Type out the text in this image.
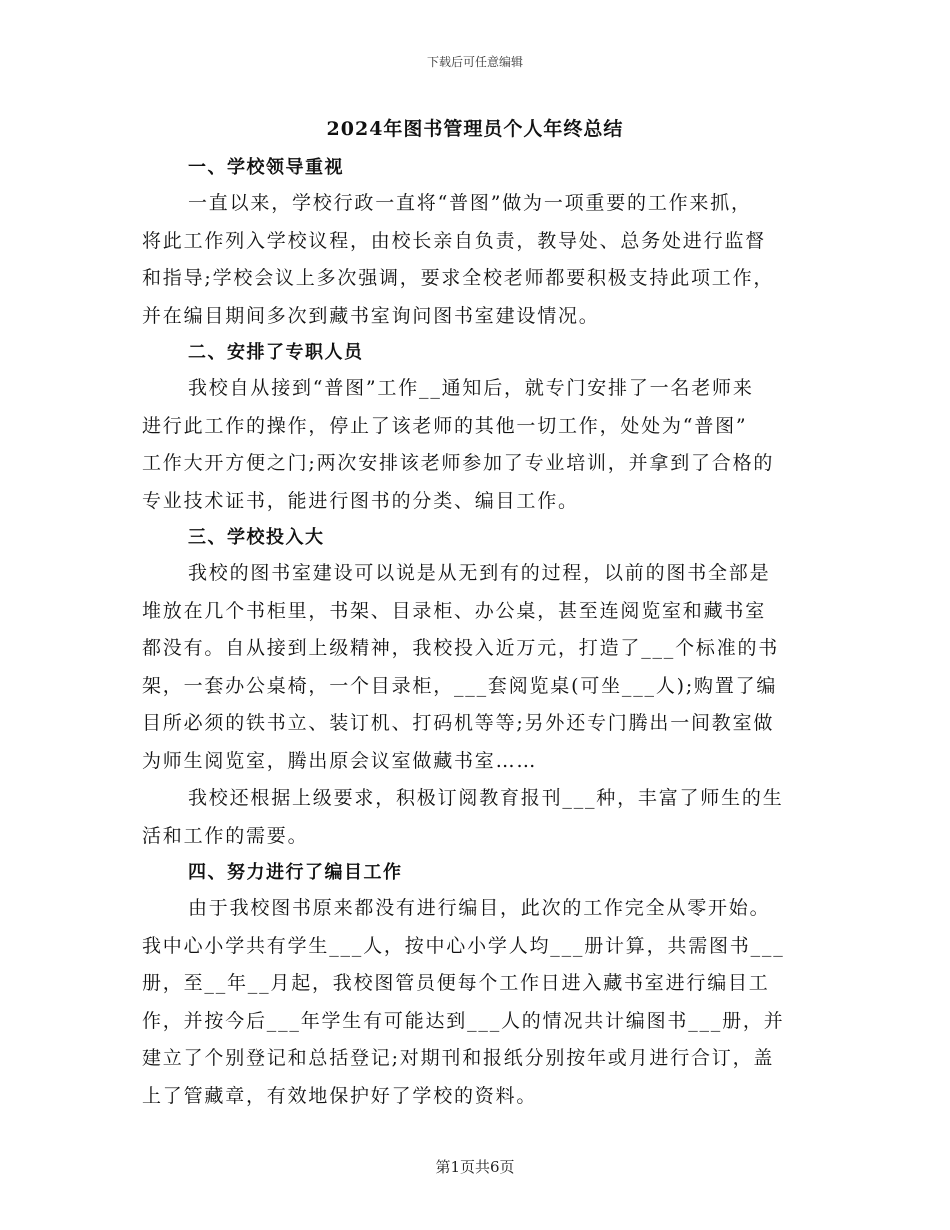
下载后可任意编辑
2024年图书管理员个人年终总结
一、学校领导重视

一直以来，学校行政一直将“普图”做为一项重要的工作来抓，
将此工作列入学校议程，由校长亲自负责，教导处、总务处进行监督
和指导;学校会议上多次强调，要求全校老师都要积极支持此项工作，
并在编目期间多次到藏书室询问图书室建设情况。

二、安排了专职人员

我校自从接到“普图”工作__通知后，就专门安排了一名老师来
进行此工作的操作，停止了该老师的其他一切工作，处处为“普图”
工作大开方便之门;两次安排该老师参加了专业培训，并拿到了合格的
专业技术证书，能进行图书的分类、编目工作。

三、学校投入大

我校的图书室建设可以说是从无到有的过程，以前的图书全部是
堆放在几个书柜里，书架、目录柜、办公桌，甚至连阅览室和藏书室
都没有。自从接到上级精神，我校投入近万元，打造了___个标准的书
架，一套办公桌椅，一个目录柜，___套阅览桌(可坐___人);购置了编
目所必须的铁书立、装订机、打码机等等;另外还专门腾出一间教室做
为师生阅览室，腾出原会议室做藏书室……

我校还根据上级要求，积极订阅教育报刊___种，丰富了师生的生
活和工作的需要。

四、努力进行了编目工作

由于我校图书原来都没有进行编目，此次的工作完全从零开始。
我中心小学共有学生___人，按中心小学人均___册计算，共需图书___
册，至__年__月起，我校图管员便每个工作日进入藏书室进行编目工
作，并按今后___年学生有可能达到___人的情况共计编图书___册，并
建立了个别登记和总括登记;对期刊和报纸分别按年或月进行合订，盖
上了管藏章，有效地保护好了学校的资料。

第1页共6页
